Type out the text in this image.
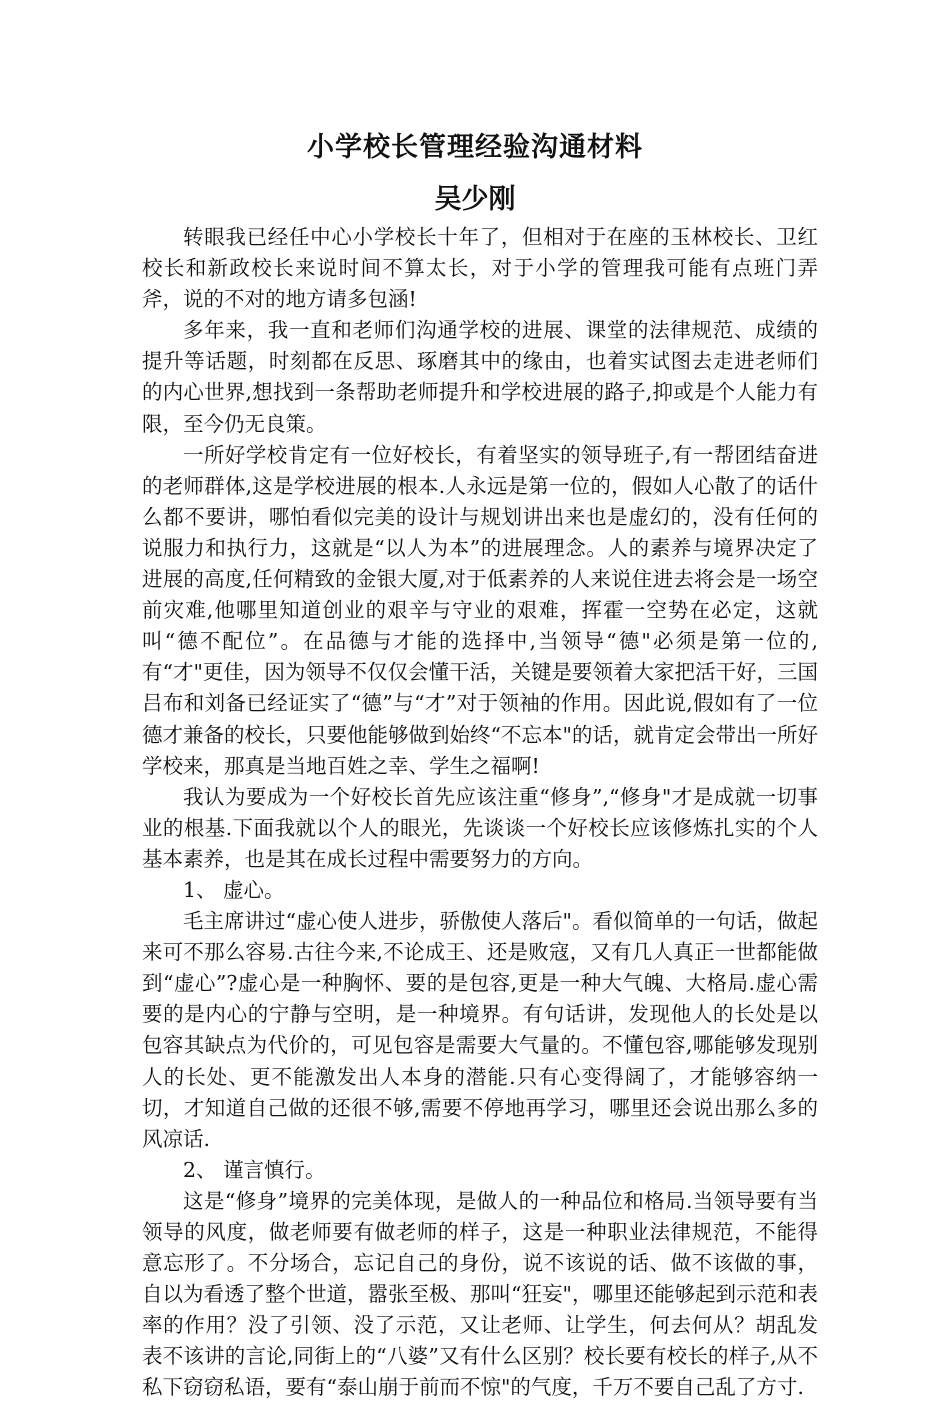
小学校长管理经验沟通材料
吴少刚

转眼我已经任中心小学校长十年了，但相对于在座的玉林校长、卫红校长和新政校长来说时间不算太长，对于小学的管理我可能有点班门弄斧，说的不对的地方请多包涵!

多年来，我一直和老师们沟通学校的进展、课堂的法律规范、成绩的提升等话题，时刻都在反思、琢磨其中的缘由，也着实试图去走进老师们的内心世界,想找到一条帮助老师提升和学校进展的路子,抑或是个人能力有限，至今仍无良策。

一所好学校肯定有一位好校长，有着坚实的领导班子,有一帮团结奋进的老师群体,这是学校进展的根本.人永远是第一位的，假如人心散了的话什么都不要讲，哪怕看似完美的设计与规划讲出来也是虚幻的，没有任何的说服力和执行力，这就是“以人为本”的进展理念。人的素养与境界决定了进展的高度,任何精致的金银大厦,对于低素养的人来说住进去将会是一场空前灾难,他哪里知道创业的艰辛与守业的艰难，挥霍一空势在必定，这就叫“德不配位”。在品德与才能的选择中,当领导“德"必须是第一位的,有“才"更佳，因为领导不仅仅会懂干活，关键是要领着大家把活干好，三国吕布和刘备已经证实了“德”与“才”对于领袖的作用。因此说,假如有了一位德才兼备的校长，只要他能够做到始终“不忘本"的话，就肯定会带出一所好学校来，那真是当地百姓之幸、学生之福啊!

我认为要成为一个好校长首先应该注重“修身”,“修身"才是成就一切事业的根基.下面我就以个人的眼光，先谈谈一个好校长应该修炼扎实的个人基本素养，也是其在成长过程中需要努力的方向。

1、 虚心。

毛主席讲过“虚心使人进步，骄傲使人落后"。看似简单的一句话，做起来可不那么容易.古往今来,不论成王、还是败寇，又有几人真正一世都能做到“虚心”?虚心是一种胸怀、要的是包容,更是一种大气魄、大格局.虚心需要的是内心的宁静与空明，是一种境界。有句话讲，发现他人的长处是以包容其缺点为代价的，可见包容是需要大气量的。不懂包容,哪能够发现别人的长处、更不能激发出人本身的潜能.只有心变得阔了，才能够容纳一切，才知道自己做的还很不够,需要不停地再学习，哪里还会说出那么多的风凉话.

2、 谨言慎行。

这是“修身”境界的完美体现，是做人的一种品位和格局.当领导要有当领导的风度，做老师要有做老师的样子，这是一种职业法律规范，不能得意忘形了。不分场合，忘记自己的身份，说不该说的话、做不该做的事，自以为看透了整个世道，嚣张至极、那叫“狂妄"，哪里还能够起到示范和表率的作用？没了引领、没了示范，又让老师、让学生，何去何从？胡乱发表不该讲的言论,同街上的“八婆”又有什么区别？校长要有校长的样子,从不私下窃窃私语，要有“泰山崩于前而不惊"的气度，千万不要自己乱了方寸.
